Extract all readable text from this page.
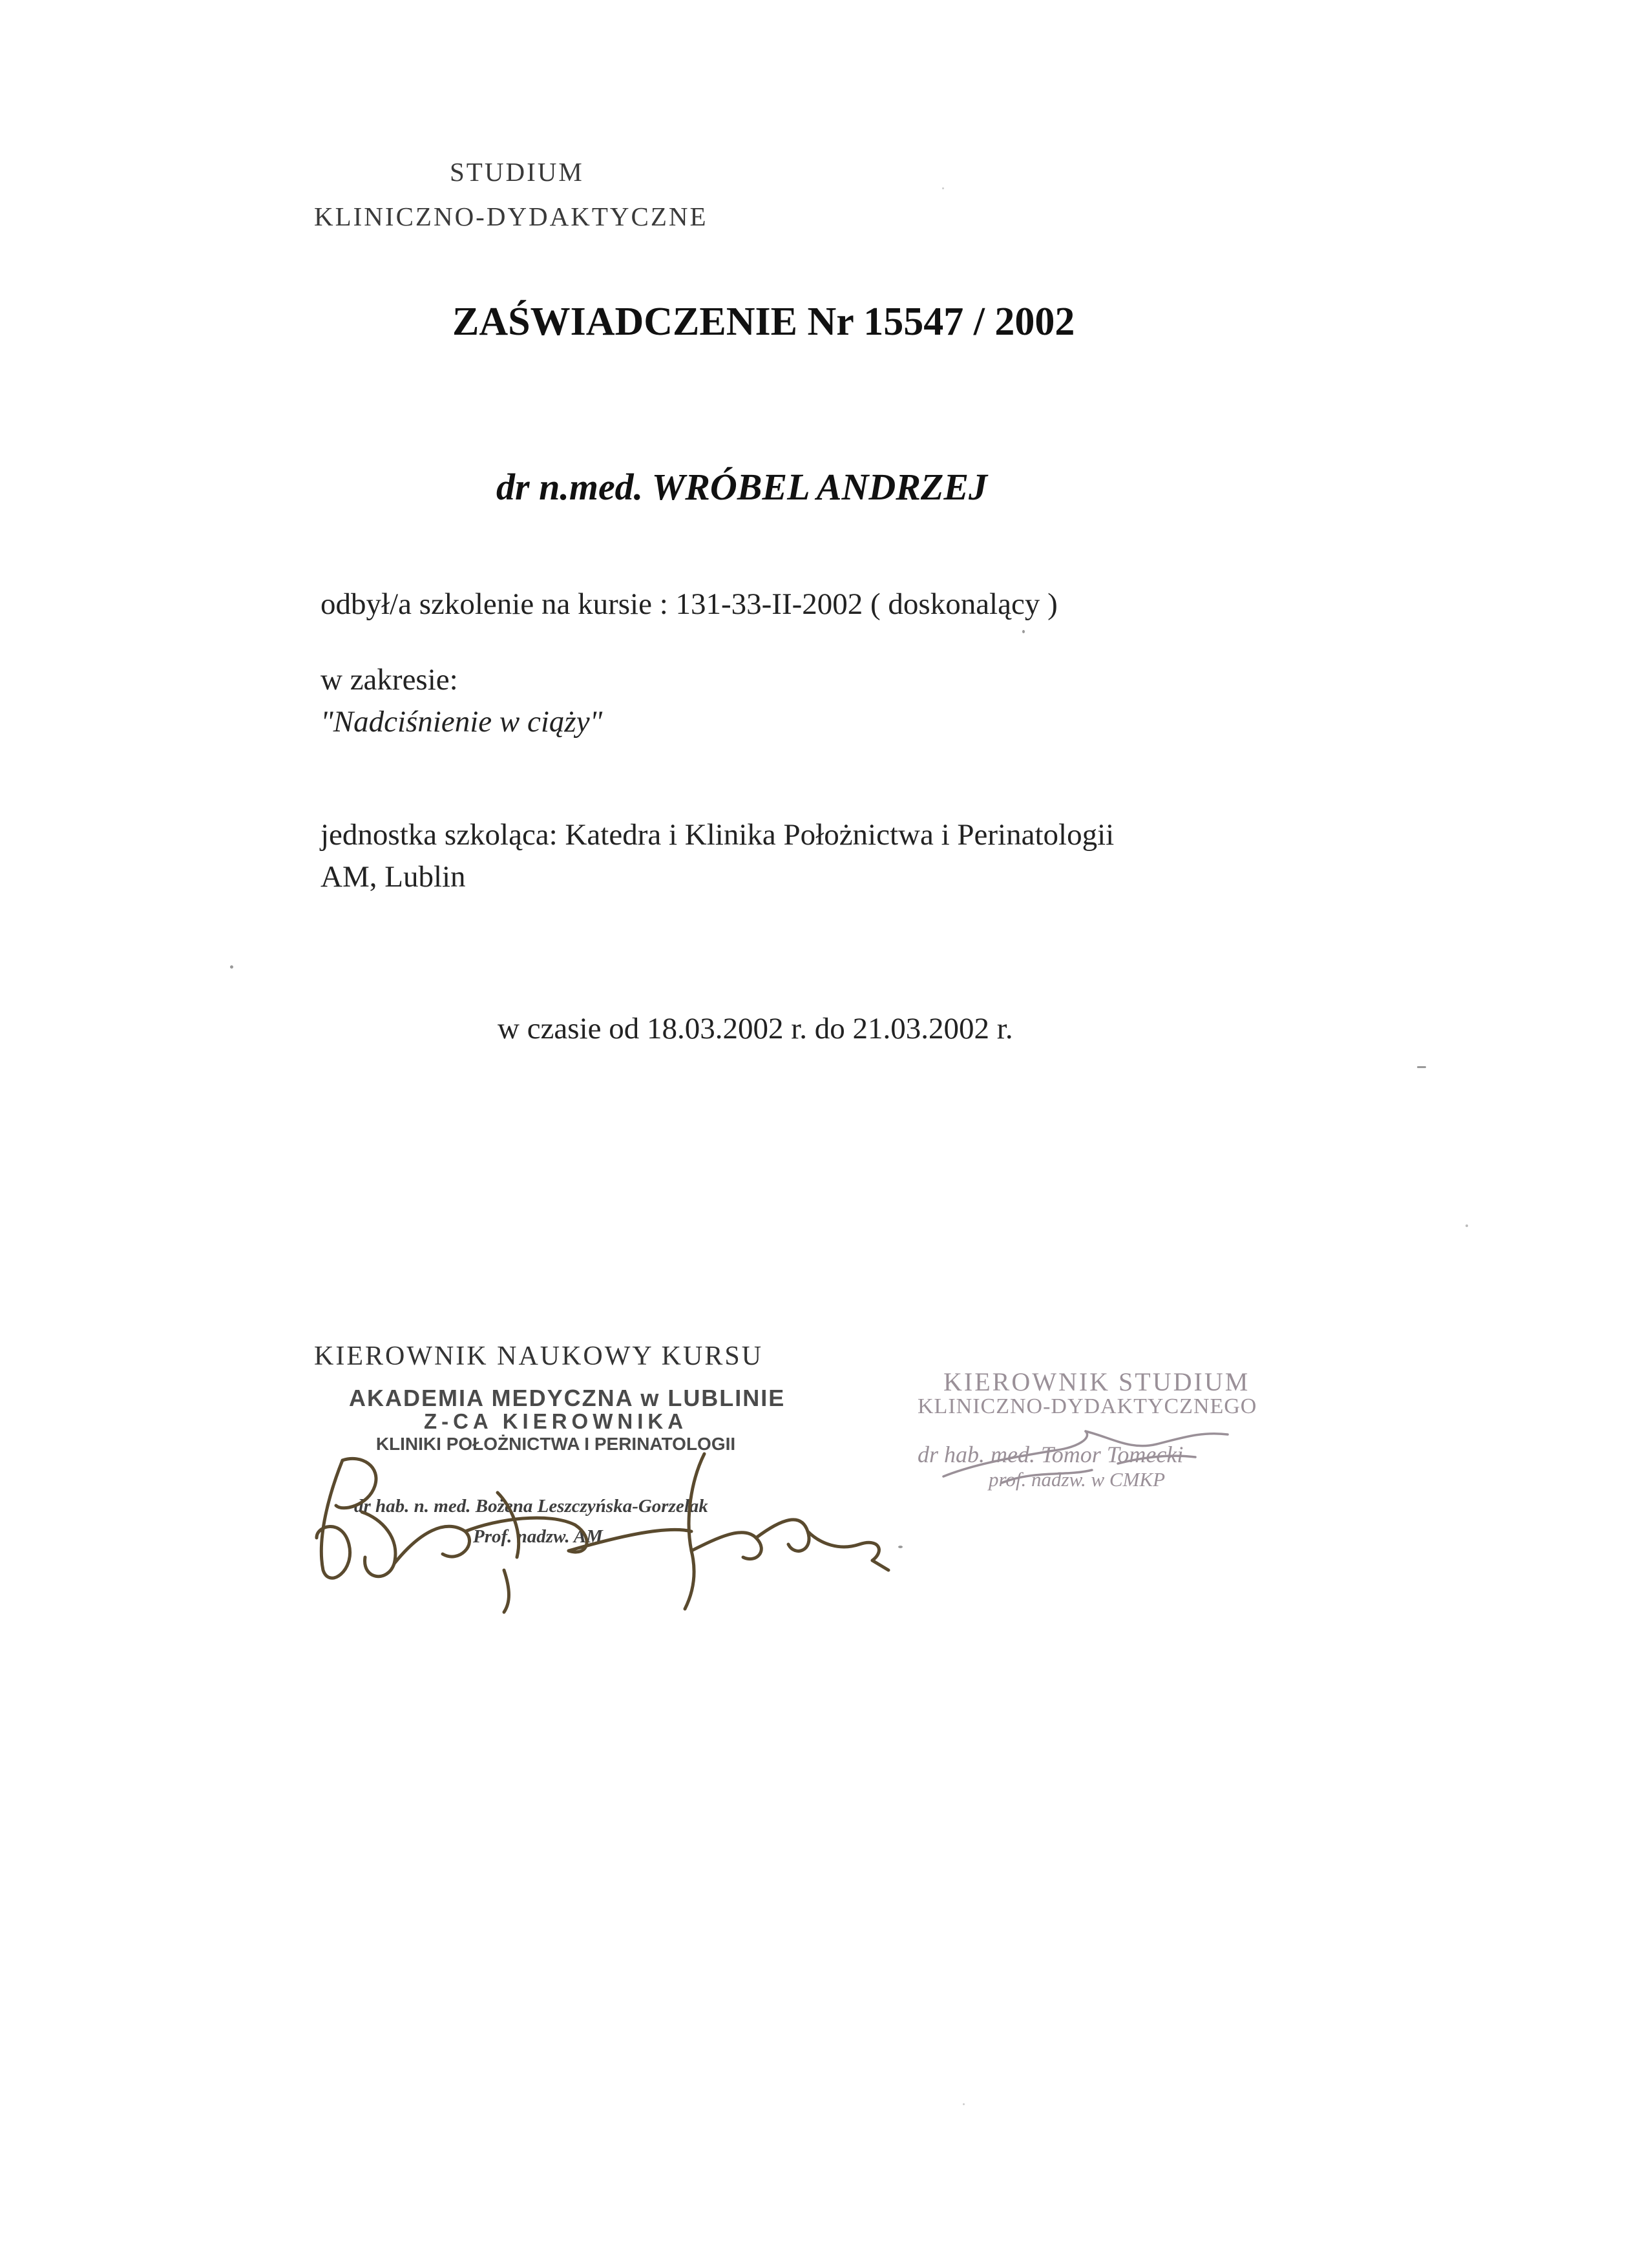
STUDIUM
KLINICZNO-DYDAKTYCZNE
ZAŚWIADCZENIE Nr 15547 / 2002
dr n.med. WRÓBEL ANDRZEJ
odbył/a szkolenie na kursie : 131-33-II-2002 ( doskonalący )
w zakresie:
"Nadciśnienie w ciąży"
jednostka szkoląca: Katedra i Klinika Położnictwa i Perinatologii
AM, Lublin
w czasie od 18.03.2002 r. do 21.03.2002 r.
KIEROWNIK NAUKOWY KURSU
AKADEMIA MEDYCZNA w LUBLINIE
Z-CA KIEROWNIKA
KLINIKI POŁOŻNICTWA I PERINATOLOGII
dr hab. n. med. Bożena Leszczyńska-Gorzelak
Prof. nadzw. AM
KIEROWNIK STUDIUM
KLINICZNO-DYDAKTYCZNEGO
dr hab. med. Tomor Tomecki
prof. nadzw. w CMKP
